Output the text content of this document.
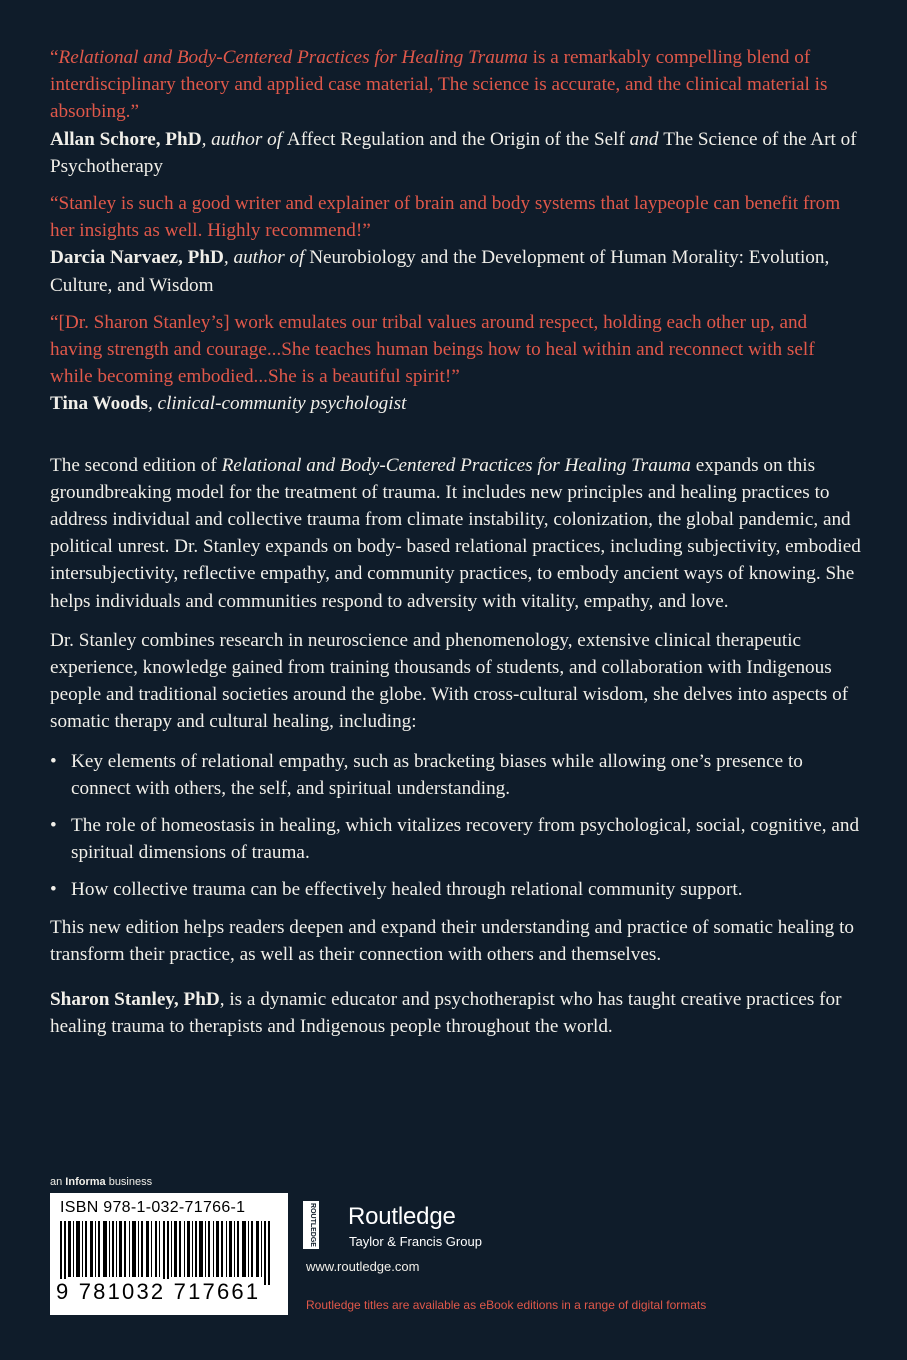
“Relational and Body-Centered Practices for Healing Trauma is a remarkably compelling blend of interdisciplinary theory and applied case material, The science is accurate, and the clinical material is absorbing.”

Allan Schore, PhD, author of Affect Regulation and the Origin of the Self and The Science of the Art of Psychotherapy

“Stanley is such a good writer and explainer of brain and body systems that laypeople can benefit from her insights as well. Highly recommend!”

Darcia Narvaez, PhD, author of Neurobiology and the Development of Human Morality: Evolution, Culture, and Wisdom

“[Dr. Sharon Stanley’s] work emulates our tribal values around respect, holding each other up, and having strength and courage...She teaches human beings how to heal within and reconnect with self while becoming embodied...She is a beautiful spirit!”

Tina Woods, clinical-community psychologist

The second edition of Relational and Body-Centered Practices for Healing Trauma expands on this groundbreaking model for the treatment of trauma. It includes new principles and healing practices to address individual and collective trauma from climate instability, colonization, the global pandemic, and political unrest. Dr. Stanley expands on body- based relational practices, including subjectivity, embodied intersubjectivity, reflective empathy, and community practices, to embody ancient ways of knowing. She helps individuals and communities respond to adversity with vitality, empathy, and love.

Dr. Stanley combines research in neuroscience and phenomenology, extensive clinical therapeutic experience, knowledge gained from training thousands of students, and collaboration with Indigenous people and traditional societies around the globe. With cross-cultural wisdom, she delves into aspects of somatic therapy and cultural healing, including:

• Key elements of relational empathy, such as bracketing biases while allowing one’s presence to connect with others, the self, and spiritual understanding.
• The role of homeostasis in healing, which vitalizes recovery from psychological, social, cognitive, and spiritual dimensions of trauma.
• How collective trauma can be effectively healed through relational community support.

This new edition helps readers deepen and expand their understanding and practice of somatic healing to transform their practice, as well as their connection with others and themselves.

Sharon Stanley, PhD, is a dynamic educator and psychotherapist who has taught creative practices for healing trauma to therapists and Indigenous people throughout the world.

an Informa business
ISBN 978-1-032-71766-1
9 781032 717661
ROUTLEDGE Routledge
Taylor & Francis Group
www.routledge.com
Routledge titles are available as eBook editions in a range of digital formats
